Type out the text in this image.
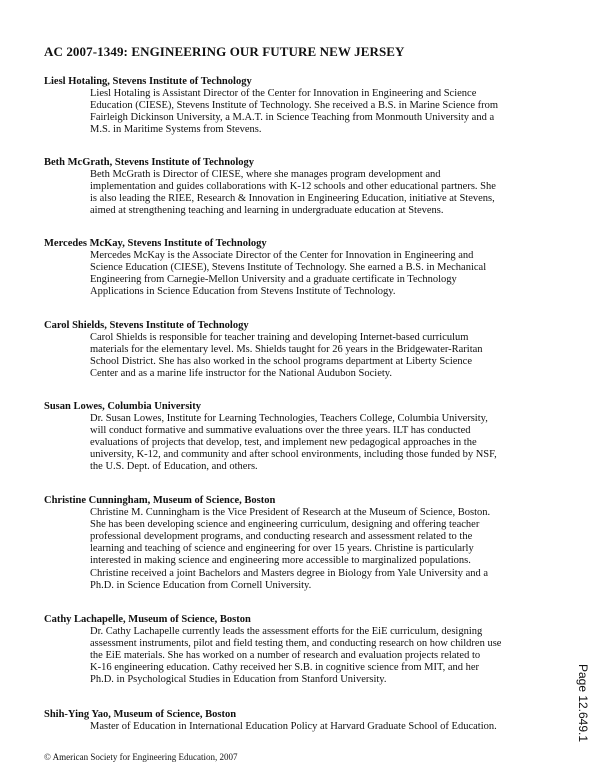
AC 2007-1349: ENGINEERING OUR FUTURE NEW JERSEY
Liesl Hotaling, Stevens Institute of Technology
Liesl Hotaling is Assistant Director of the Center for Innovation in Engineering and Science
Education (CIESE), Stevens Institute of Technology. She received a B.S. in Marine Science from
Fairleigh Dickinson University, a M.A.T. in Science Teaching from Monmouth University and a
M.S. in Maritime Systems from Stevens.
Beth McGrath, Stevens Institute of Technology
Beth McGrath is Director of CIESE, where she manages program development and
implementation and guides collaborations with K-12 schools and other educational partners. She
is also leading the RIEE, Research & Innovation in Engineering Education, initiative at Stevens,
aimed at strengthening teaching and learning in undergraduate education at Stevens.
Mercedes McKay, Stevens Institute of Technology
Mercedes McKay is the Associate Director of the Center for Innovation in Engineering and
Science Education (CIESE), Stevens Institute of Technology. She earned a B.S. in Mechanical
Engineering from Carnegie-Mellon University and a graduate certificate in Technology
Applications in Science Education from Stevens Institute of Technology.
Carol Shields, Stevens Institute of Technology
Carol Shields is responsible for teacher training and developing Internet-based curriculum
materials for the elementary level. Ms. Shields taught for 26 years in the Bridgewater-Raritan
School District. She has also worked in the school programs department at Liberty Science
Center and as a marine life instructor for the National Audubon Society.
Susan Lowes, Columbia University
Dr. Susan Lowes, Institute for Learning Technologies, Teachers College, Columbia University,
will conduct formative and summative evaluations over the three years. ILT has conducted
evaluations of projects that develop, test, and implement new pedagogical approaches in the
university, K-12, and community and after school environments, including those funded by NSF,
the U.S. Dept. of Education, and others.
Christine Cunningham, Museum of Science, Boston
Christine M. Cunningham is the Vice President of Research at the Museum of Science, Boston.
She has been developing science and engineering curriculum, designing and offering teacher
professional development programs, and conducting research and assessment related to the
learning and teaching of science and engineering for over 15 years. Christine is particularly
interested in making science and engineering more accessible to marginalized populations.
Christine received a joint Bachelors and Masters degree in Biology from Yale University and a
Ph.D. in Science Education from Cornell University.
Cathy Lachapelle, Museum of Science, Boston
Dr. Cathy Lachapelle currently leads the assessment efforts for the EiE curriculum, designing
assessment instruments, pilot and field testing them, and conducting research on how children use
the EiE materials. She has worked on a number of research and evaluation projects related to
K-16 engineering education. Cathy received her S.B. in cognitive science from MIT, and her
Ph.D. in Psychological Studies in Education from Stanford University.
Shih-Ying Yao, Museum of Science, Boston
Master of Education in International Education Policy at Harvard Graduate School of Education.
© American Society for Engineering Education, 2007
Page 12.649.1
